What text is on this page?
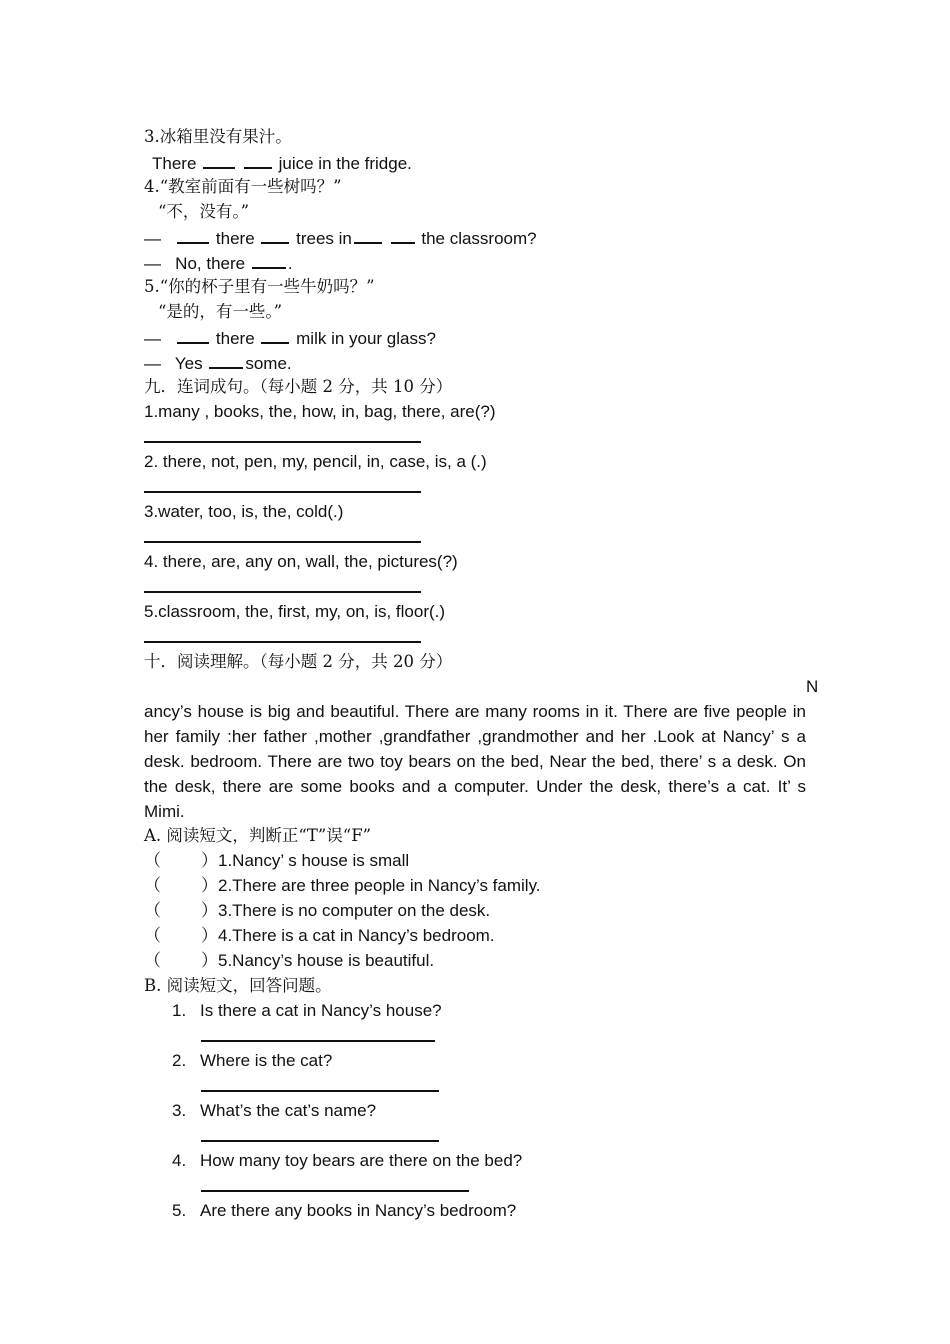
3.冰箱里没有果汁。
There	juice in the fridge.
4.“教室前面有一些树吗？”
“不，没有。”
—	there trees in	the classroom?
— No, there	.
5.“你的杯子里有一些牛奶吗？”
“是的，有一些。”
—	there milk in your glass?
— Yes	some.
九．连词成句。（每小题 2 分，共 10 分）
1.many , books, the, how, in, bag, there, are(?)
2. there, not, pen, my, pencil, in, case, is, a (.)
3.water, too, is, the, cold(.)
4. there, are, any on, wall, the, pictures(?)
5.classroom, the, first, my, on, is, floor(.)
十．阅读理解。（每小题 2 分，共 20 分）
N
ancy’s house is big and beautiful. There are many rooms in it. There are five people in her family :her father ,mother ,grandfather ,grandmother and her .Look at Nancy’ s a desk. bedroom. There are two toy bears on the bed, Near the bed, there’ s a desk. On the desk, there are some books and a computer. Under the desk, there’s a cat. It’ s Mimi.
A. 阅读短文，判断正“T”误“F”
（ ）1.Nancy’ s house is small
（ ）2.There are three people in Nancy’s family.
（ ）3.There is no computer on the desk.
（ ）4.There is a cat in Nancy’s bedroom.
（ ）5.Nancy’s house is beautiful.
B. 阅读短文，回答问题。
1. Is there a cat in Nancy’s house?
2. Where is the cat?
3. What’s the cat’s name?
4. How many toy bears are there on the bed?
5. Are there any books in Nancy’s bedroom?
